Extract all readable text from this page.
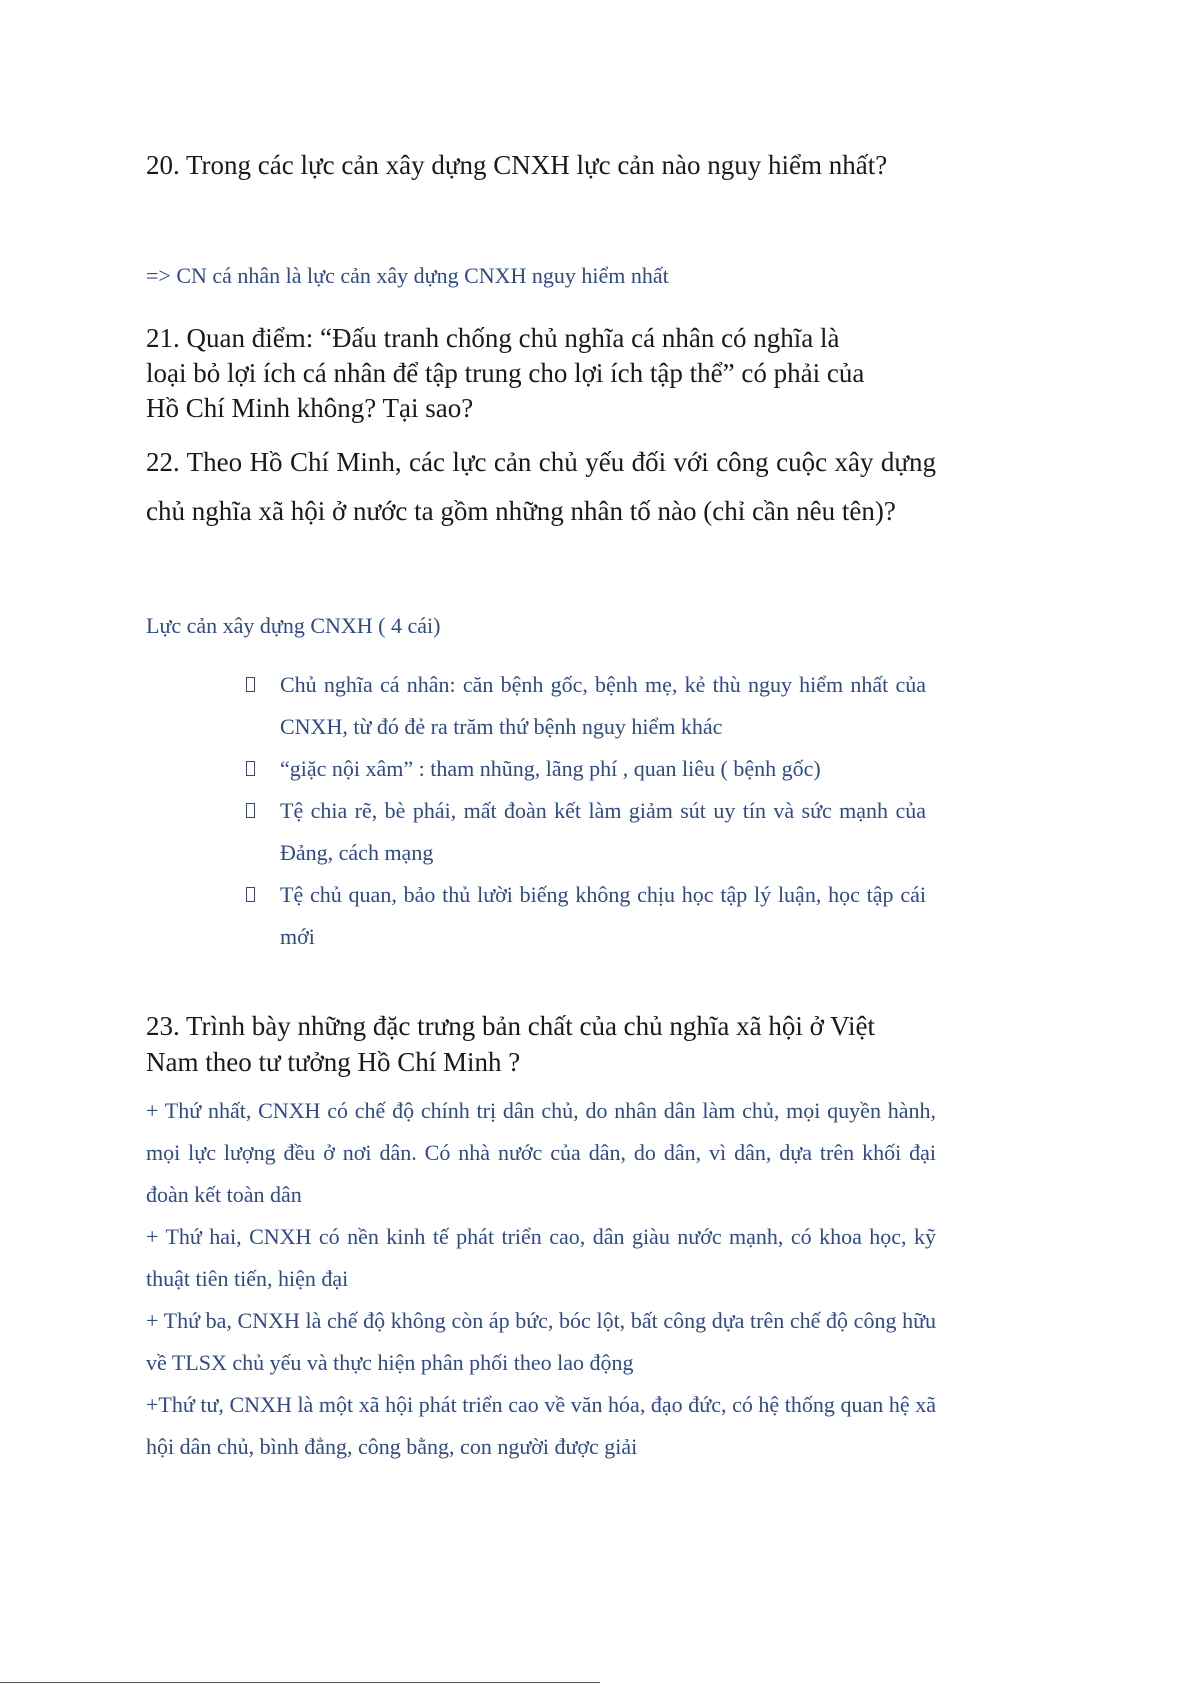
20. Trong các lực cản xây dựng CNXH lực cản nào nguy hiểm nhất?

=> CN cá nhân là lực cản xây dựng CNXH nguy hiểm nhất

21. Quan điểm: “Đấu tranh chống chủ nghĩa cá nhân có nghĩa là loại bỏ lợi ích cá nhân để tập trung cho lợi ích tập thể” có phải của Hồ Chí Minh không? Tại sao?

22. Theo Hồ Chí Minh, các lực cản chủ yếu đối với công cuộc xây dựng chủ nghĩa xã hội ở nước ta gồm những nhân tố nào (chỉ cần nêu tên)?

Lực cản xây dựng CNXH ( 4 cái)

Chủ nghĩa cá nhân: căn bệnh gốc, bệnh mẹ, kẻ thù nguy hiểm nhất của CNXH, từ đó đẻ ra trăm thứ bệnh nguy hiểm khác
“giặc nội xâm” : tham nhũng, lãng phí , quan liêu ( bệnh gốc)
Tệ chia rẽ, bè phái, mất đoàn kết làm giảm sút uy tín và sức mạnh của Đảng, cách mạng
Tệ chủ quan, bảo thủ lười biếng không chịu học tập lý luận, học tập cái mới

23. Trình bày những đặc trưng bản chất của chủ nghĩa xã hội ở Việt Nam theo tư tưởng Hồ Chí Minh ?

+ Thứ nhất, CNXH có chế độ chính trị dân chủ, do nhân dân làm chủ, mọi quyền hành, mọi lực lượng đều ở nơi dân. Có nhà nước của dân, do dân, vì dân, dựa trên khối đại đoàn kết toàn dân
+ Thứ hai, CNXH có nền kinh tế phát triển cao, dân giàu nước mạnh, có khoa học, kỹ thuật tiên tiến, hiện đại
+ Thứ ba, CNXH là chế độ không còn áp bức, bóc lột, bất công dựa trên chế độ công hữu về TLSX chủ yếu và thực hiện phân phối theo lao động
+Thứ tư, CNXH là một xã hội phát triển cao về văn hóa, đạo đức, có hệ thống quan hệ xã hội dân chủ, bình đẳng, công bằng, con người được giải
